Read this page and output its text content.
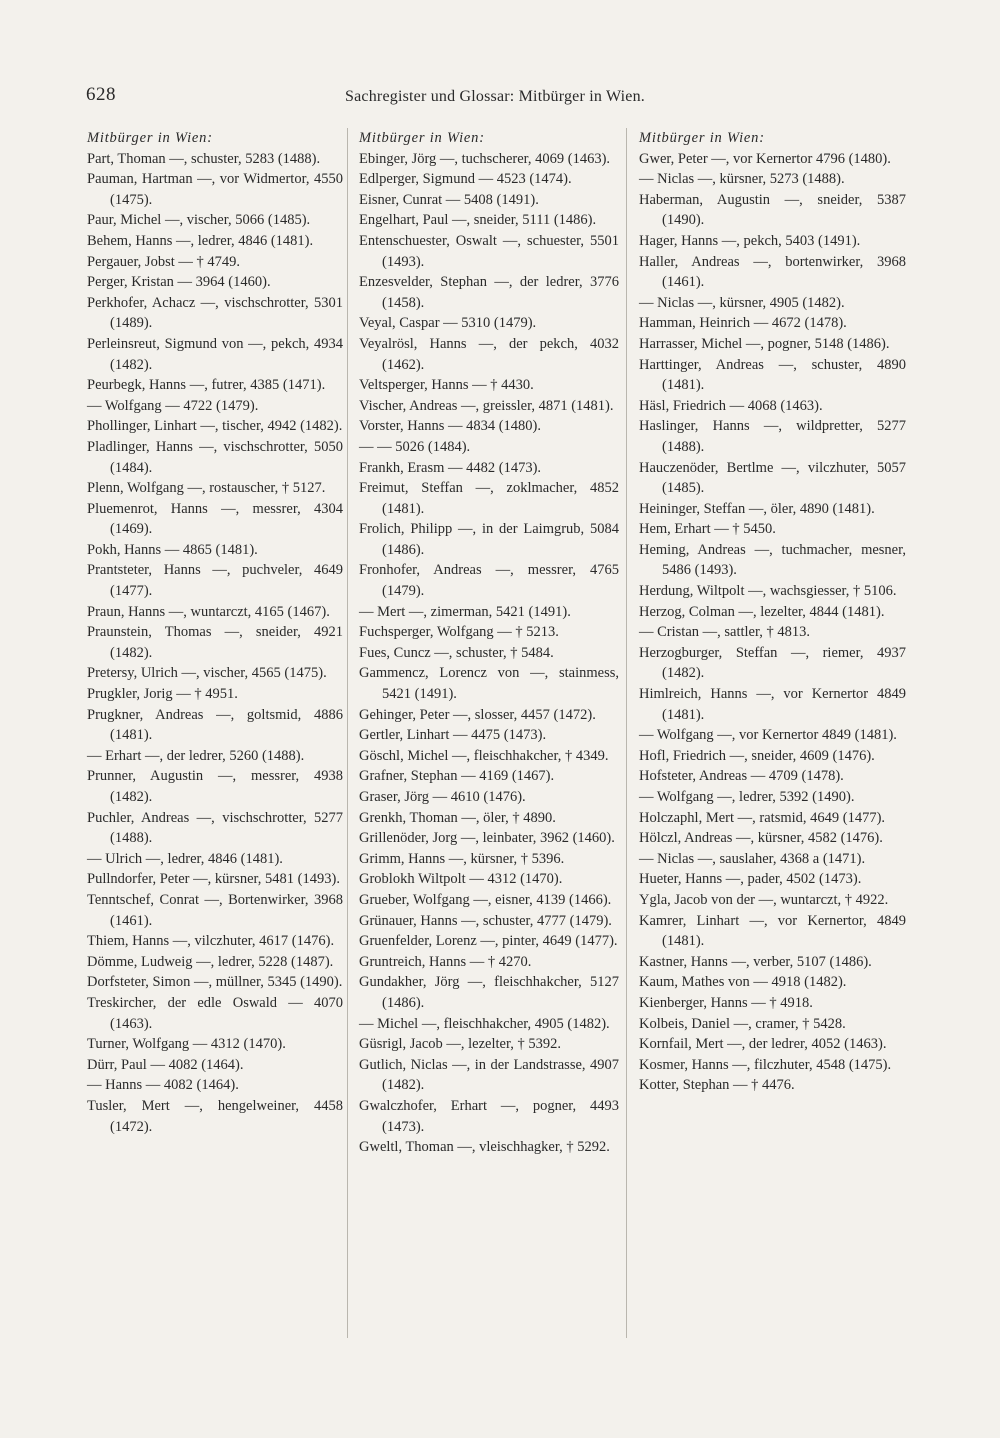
628	Sachregister und Glossar: Mitbürger in Wien.

Mitbürger in Wien:

Part, Thoman —, schuster, 5283 (1488).

Pauman, Hartman —, vor Widmertor, 4550 (1475).

Paur, Michel —, vischer, 5066 (1485).

Behem, Hanns —, ledrer, 4846 (1481).

Pergauer, Jobst — † 4749.

Perger, Kristan — 3964 (1460).

Perkhofer, Achacz —, vischschrotter, 5301 (1489).

Perleinsreut, Sigmund von —, pekch, 4934 (1482).

Peurbegk, Hanns —, futrer, 4385 (1471).

— Wolfgang — 4722 (1479).

Phollinger, Linhart —, tischer, 4942 (1482).

Pladlinger, Hanns —, vischschrotter, 5050 (1484).

Plenn, Wolfgang —, rostauscher, † 5127.

Pluemenrot, Hanns —, messrer, 4304 (1469).

Pokh, Hanns — 4865 (1481).

Prantsteter, Hanns —, puchveler, 4649 (1477).

Praun, Hanns —, wuntarczt, 4165 (1467).

Praunstein, Thomas —, sneider, 4921 (1482).

Pretersy, Ulrich —, vischer, 4565 (1475).

Prugkler, Jorig — † 4951.

Prugkner, Andreas —, goltsmid, 4886 (1481).

— Erhart —, der ledrer, 5260 (1488).

Prunner, Augustin —, messrer, 4938 (1482).

Puchler, Andreas —, vischschrotter, 5277 (1488).

— Ulrich —, ledrer, 4846 (1481).

Pullndorfer, Peter —, kürsner, 5481 (1493).

Tenntschef, Conrat —, Bortenwirker, 3968 (1461).

Thiem, Hanns —, vilczhuter, 4617 (1476).

Dömme, Ludweig —, ledrer, 5228 (1487).

Dorfsteter, Simon —, müllner, 5345 (1490).

Treskircher, der edle Oswald — 4070 (1463).

Turner, Wolfgang — 4312 (1470).

Dürr, Paul — 4082 (1464).

— Hanns — 4082 (1464).

Tusler, Mert —, hengelweiner, 4458 (1472).

Mitbürger in Wien:

Ebinger, Jörg —, tuchscherer, 4069 (1463).

Edlperger, Sigmund — 4523 (1474).

Eisner, Cunrat — 5408 (1491).

Engelhart, Paul —, sneider, 5111 (1486).

Entenschuester, Oswalt —, schuester, 5501 (1493).

Enzesvelder, Stephan —, der ledrer, 3776 (1458).

Veyal, Caspar — 5310 (1479).

Veyalrösl, Hanns —, der pekch, 4032 (1462).

Veltsperger, Hanns — † 4430.

Vischer, Andreas —, greissler, 4871 (1481).

Vorster, Hanns — 4834 (1480).

— — 5026 (1484).

Frankh, Erasm — 4482 (1473).

Freimut, Steffan —, zoklmacher, 4852 (1481).

Frolich, Philipp —, in der Laimgrub, 5084 (1486).

Fronhofer, Andreas —, messrer, 4765 (1479).

— Mert —, zimerman, 5421 (1491).

Fuchsperger, Wolfgang — † 5213.

Fues, Cuncz —, schuster, † 5484.

Gammencz, Lorencz von —, stainmess, 5421 (1491).

Gehinger, Peter —, slosser, 4457 (1472).

Gertler, Linhart — 4475 (1473).

Göschl, Michel —, fleischhakcher, † 4349.

Grafner, Stephan — 4169 (1467).

Graser, Jörg — 4610 (1476).

Grenkh, Thoman —, öler, † 4890.

Grillenöder, Jorg —, leinbater, 3962 (1460).

Grimm, Hanns —, kürsner, † 5396.

Groblokh Wiltpolt — 4312 (1470).

Grueber, Wolfgang —, eisner, 4139 (1466).

Grünauer, Hanns —, schuster, 4777 (1479).

Gruenfelder, Lorenz —, pinter, 4649 (1477).

Gruntreich, Hanns — † 4270.

Gundakher, Jörg —, fleischhakcher, 5127 (1486).

— Michel —, fleischhakcher, 4905 (1482).

Güsrigl, Jacob —, lezelter, † 5392.

Gutlich, Niclas —, in der Landstrasse, 4907 (1482).

Gwalczhofer, Erhart —, pogner, 4493 (1473).

Gweltl, Thoman —, vleischhagker, † 5292.

Mitbürger in Wien:

Gwer, Peter —, vor Kernertor 4796 (1480).

— Niclas —, kürsner, 5273 (1488).

Haberman, Augustin —, sneider, 5387 (1490).

Hager, Hanns —, pekch, 5403 (1491).

Haller, Andreas —, bortenwirker, 3968 (1461).

— Niclas —, kürsner, 4905 (1482).

Hamman, Heinrich — 4672 (1478).

Harrasser, Michel —, pogner, 5148 (1486).

Harttinger, Andreas —, schuster, 4890 (1481).

Häsl, Friedrich — 4068 (1463).

Haslinger, Hanns —, wildpretter, 5277 (1488).

Hauczenöder, Bertlme —, vilczhuter, 5057 (1485).

Heininger, Steffan —, öler, 4890 (1481).

Hem, Erhart — † 5450.

Heming, Andreas —, tuchmacher, mesner, 5486 (1493).

Herdung, Wiltpolt —, wachsgiesser, † 5106.

Herzog, Colman —, lezelter, 4844 (1481).

— Cristan —, sattler, † 4813.

Herzogburger, Steffan —, riemer, 4937 (1482).

Himlreich, Hanns —, vor Kernertor 4849 (1481).

— Wolfgang —, vor Kernertor 4849 (1481).

Hofl, Friedrich —, sneider, 4609 (1476).

Hofsteter, Andreas — 4709 (1478).

— Wolfgang —, ledrer, 5392 (1490).

Holczaphl, Mert —, ratsmid, 4649 (1477).

Hölczl, Andreas —, kürsner, 4582 (1476).

— Niclas —, sauslaher, 4368 a (1471).

Hueter, Hanns —, pader, 4502 (1473).

Ygla, Jacob von der —, wuntarczt, † 4922.

Kamrer, Linhart —, vor Kernertor, 4849 (1481).

Kastner, Hanns —, verber, 5107 (1486).

Kaum, Mathes von — 4918 (1482).

Kienberger, Hanns — † 4918.

Kolbeis, Daniel —, cramer, † 5428.

Kornfail, Mert —, der ledrer, 4052 (1463).

Kosmer, Hanns —, filczhuter, 4548 (1475).

Kotter, Stephan — † 4476.
